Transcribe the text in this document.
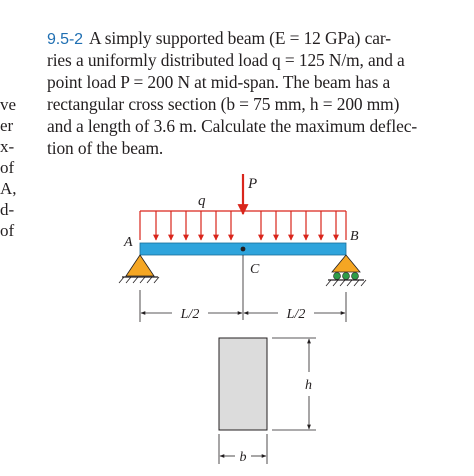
ve
er
x-
of
A,
d-
of
9.5-2 A simply supported beam (E = 12 GPa) car-
ries a uniformly distributed load q = 125 N/m, and a
point load P = 200 N at mid-span. The beam has a
rectangular cross section (b = 75 mm, h = 200 mm)
and a length of 3.6 m. Calculate the maximum deflec-
tion of the beam.
q
P
C
A	B
L/2	L/2
h
b
